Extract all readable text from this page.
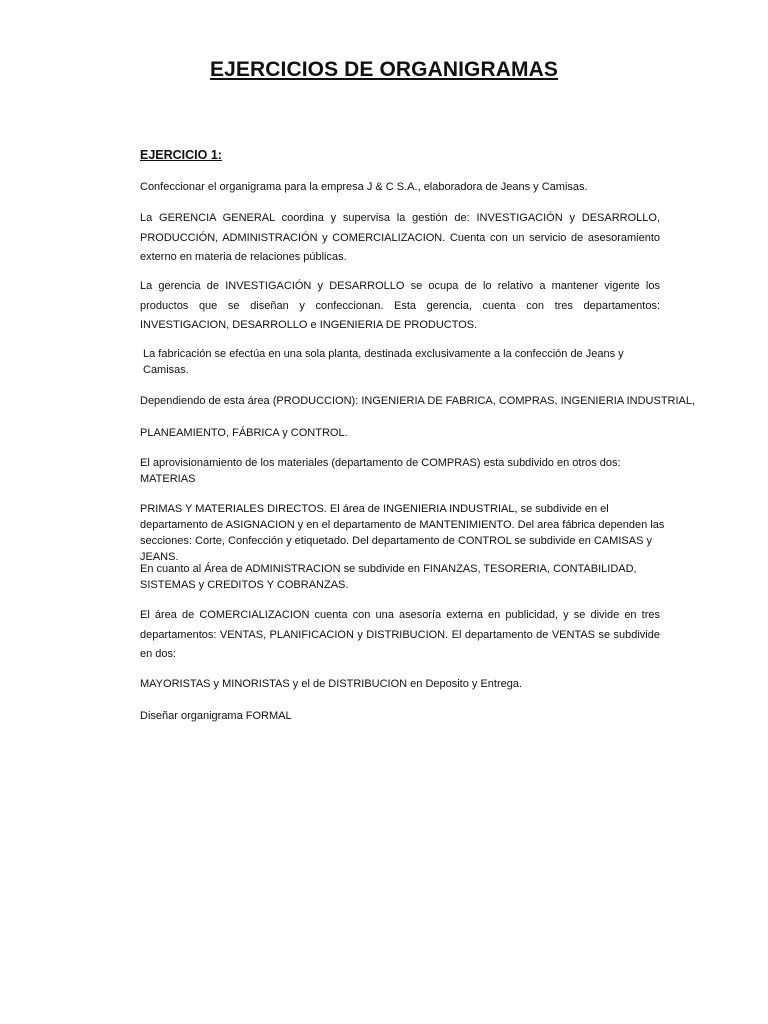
EJERCICIOS DE ORGANIGRAMAS

EJERCICIO 1:

Confeccionar el organigrama para la empresa J & C S.A., elaboradora de Jeans y Camisas.

La GERENCIA GENERAL coordina y supervisa la gestión de: INVESTIGACIÓN y DESARROLLO, PRODUCCIÓN, ADMINISTRACIÓN y COMERCIALIZACION. Cuenta con un servicio de asesoramiento externo en materia de relaciones públicas.

La gerencia de INVESTIGACIÓN y DESARROLLO se ocupa de lo relativo a mantener vigente los productos que se diseñan y confeccionan. Esta gerencia, cuenta con tres departamentos: INVESTIGACION, DESARROLLO e INGENIERIA DE PRODUCTOS.

La fabricación se efectúa en una sola planta, destinada exclusivamente a la confección de Jeans y Camisas.

Dependiendo de esta área (PRODUCCION): INGENIERIA DE FABRICA, COMPRAS, INGENIERIA INDUSTRIAL,

PLANEAMIENTO, FÁBRICA y CONTROL.

El aprovisionamiento de los materiales (departamento de COMPRAS) esta subdivido en otros dos: MATERIAS

PRIMAS Y MATERIALES DIRECTOS. El área de INGENIERIA INDUSTRIAL, se subdivide en el departamento de ASIGNACION y en el departamento de MANTENIMIENTO. Del area fábrica dependen las secciones: Corte, Confección y etiquetado. Del departamento de CONTROL se subdivide en CAMISAS y JEANS.

En cuanto al Área de ADMINISTRACION se subdivide en FINANZAS, TESORERIA, CONTABILIDAD, SISTEMAS y CREDITOS Y COBRANZAS.

El área de COMERCIALIZACION cuenta con una asesoría externa en publicidad, y se divide en tres departamentos: VENTAS, PLANIFICACION y DISTRIBUCION. El departamento de VENTAS se subdivide en dos:

MAYORISTAS y MINORISTAS y el de DISTRIBUCION en Deposito y Entrega.

Diseñar organigrama FORMAL
